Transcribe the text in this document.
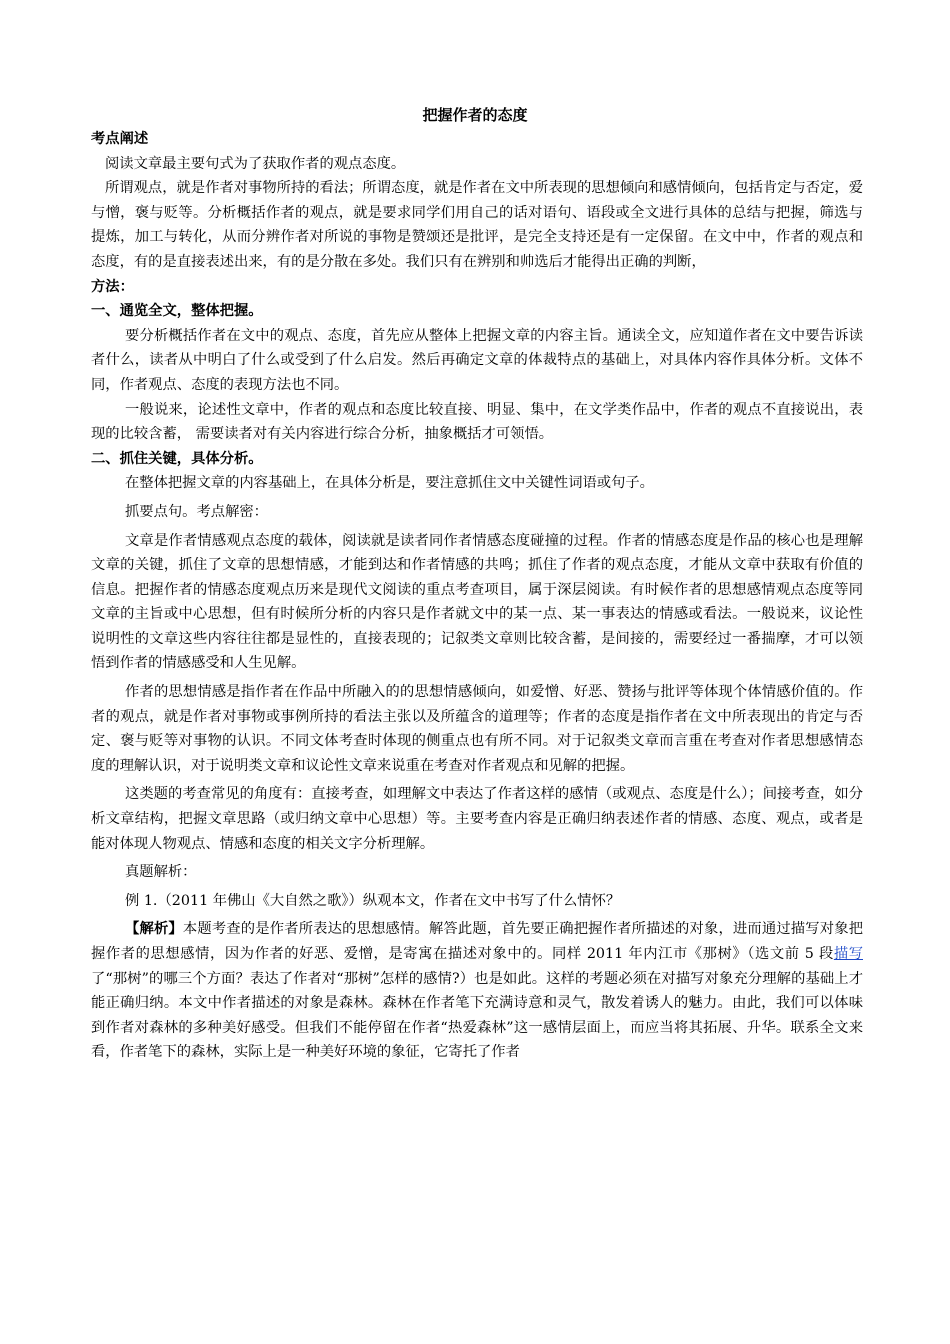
把握作者的态度

考点阐述

阅读文章最主要句式为了获取作者的观点态度。

所谓观点，就是作者对事物所持的看法；所谓态度，就是作者在文中所表现的思想倾向和感情倾向，包括肯定与否定，爱与憎，褒与贬等。分析概括作者的观点，就是要求同学们用自己的话对语句、语段或全文进行具体的总结与把握，筛选与提炼，加工与转化，从而分辨作者对所说的事物是赞颂还是批评，是完全支持还是有一定保留。在文中中，作者的观点和态度，有的是直接表述出来，有的是分散在多处。我们只有在辨别和帅选后才能得出正确的判断，

方法：

一、通览全文，整体把握。

要分析概括作者在文中的观点、态度，首先应从整体上把握文章的内容主旨。通读全文，应知道作者在文中要告诉读者什么，读者从中明白了什么或受到了什么启发。然后再确定文章的体裁特点的基础上，对具体内容作具体分析。文体不同，作者观点、态度的表现方法也不同。

一般说来，论述性文章中，作者的观点和态度比较直接、明显、集中，在文学类作品中，作者的观点不直接说出，表现的比较含蓄， 需要读者对有关内容进行综合分析，抽象概括才可领悟。

二、抓住关键，具体分析。

在整体把握文章的内容基础上，在具体分析是，要注意抓住文中关键性词语或句子。

抓要点句。考点解密：

文章是作者情感观点态度的载体，阅读就是读者同作者情感态度碰撞的过程。作者的情感态度是作品的核心也是理解文章的关键，抓住了文章的思想情感，才能到达和作者情感的共鸣；抓住了作者的观点态度，才能从文章中获取有价值的信息。把握作者的情感态度观点历来是现代文阅读的重点考查项目，属于深层阅读。有时候作者的思想感情观点态度等同文章的主旨或中心思想，但有时候所分析的内容只是作者就文中的某一点、某一事表达的情感或看法。一般说来，议论性说明性的文章这些内容往往都是显性的，直接表现的；记叙类文章则比较含蓄，是间接的，需要经过一番揣摩，才可以领悟到作者的情感感受和人生见解。

作者的思想情感是指作者在作品中所融入的的思想情感倾向，如爱憎、好恶、赞扬与批评等体现个体情感价值的。作者的观点，就是作者对事物或事例所持的看法主张以及所蕴含的道理等；作者的态度是指作者在文中所表现出的肯定与否定、褒与贬等对事物的认识。不同文体考查时体现的侧重点也有所不同。对于记叙类文章而言重在考查对作者思想感情态度的理解认识，对于说明类文章和议论性文章来说重在考查对作者观点和见解的把握。

这类题的考查常见的角度有：直接考查，如理解文中表达了作者这样的感情（或观点、态度是什么）；间接考查，如分析文章结构，把握文章思路（或归纳文章中心思想）等。主要考查内容是正确归纳表述作者的情感、态度、观点，或者是能对体现人物观点、情感和态度的相关文字分析理解。

真题解析：

例 1.（2011 年佛山《大自然之歌》）纵观本文，作者在文中书写了什么情怀？

【解析】本题考查的是作者所表达的思想感情。解答此题，首先要正确把握作者所描述的对象，进而通过描写对象把握作者的思想感情，因为作者的好恶、爱憎，是寄寓在描述对象中的。同样 2011 年内江市《那树》（选文前 5 段描写了“那树”的哪三个方面？表达了作者对“那树”怎样的感情?）也是如此。这样的考题必须在对描写对象充分理解的基础上才能正确归纳。本文中作者描述的对象是森林。森林在作者笔下充满诗意和灵气，散发着诱人的魅力。由此，我们可以体味到作者对森林的多种美好感受。但我们不能停留在作者“热爱森林”这一感情层面上，而应当将其拓展、升华。联系全文来看，作者笔下的森林，实际上是一种美好环境的象征，它寄托了作者
